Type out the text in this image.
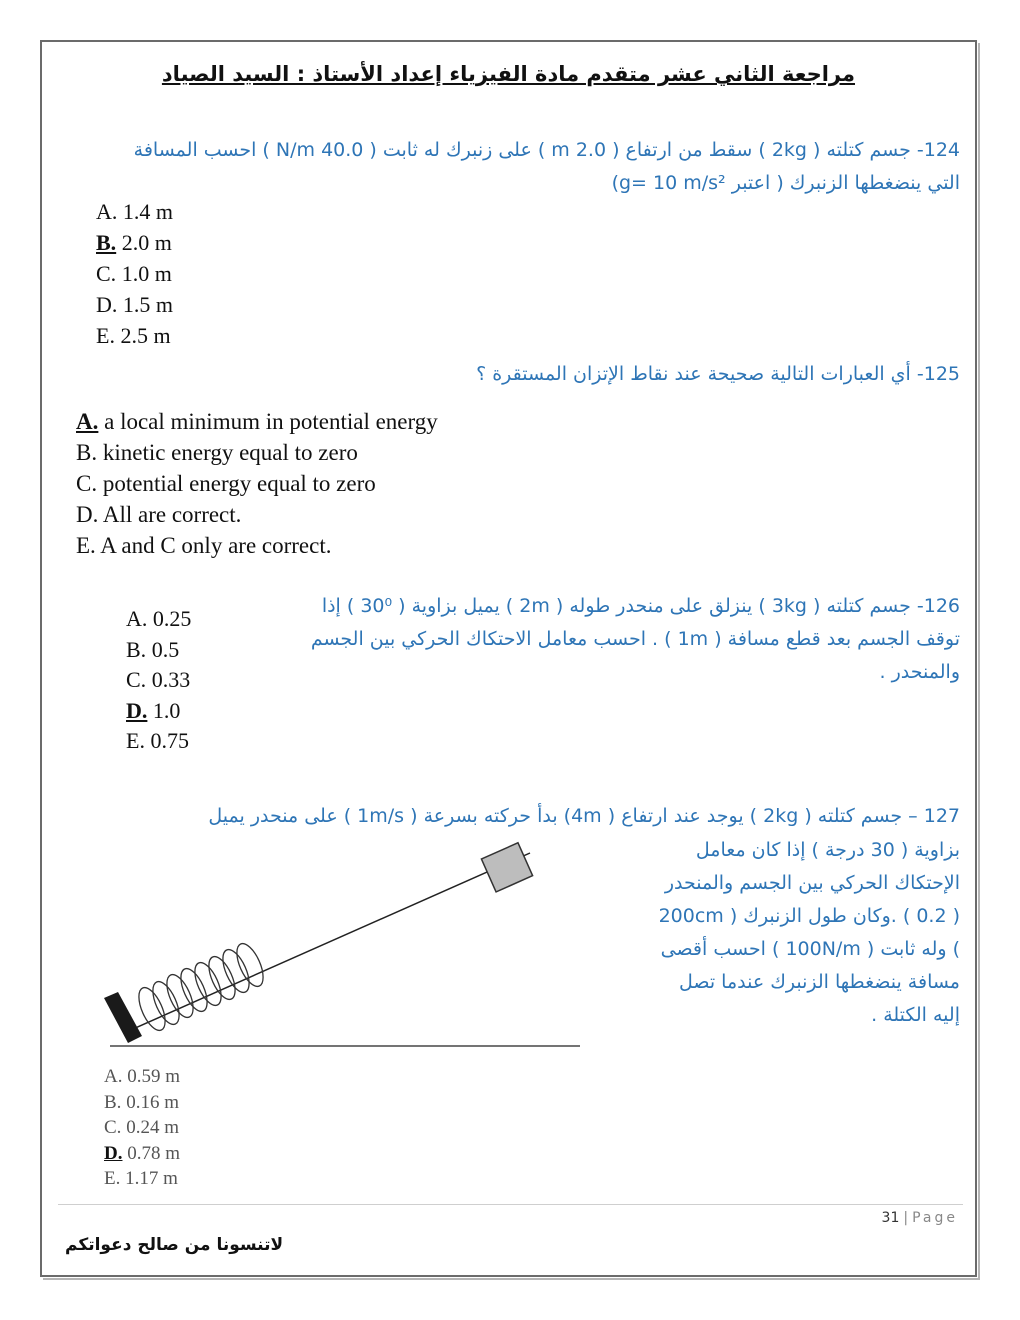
مراجعة الثاني عشر متقدم مادة الفيزياء إعداد الأستاذ : السيد الصياد
124- جسم كتلته ( 2kg ) سقط من ارتفاع ( 2.0 m ) على زنبرك له ثابت ( 40.0 N/m ) احسب المسافة
التي ينضغطها الزنبرك ( اعتبر g= 10 m/s²)
A. 1.4 m
B. 2.0 m
C. 1.0 m
D. 1.5 m
E. 2.5 m
125- أي العبارات التالية صحيحة عند نقاط الإتزان المستقرة ؟
A. a local minimum in potential energy
B. kinetic energy equal to zero
C. potential energy equal to zero
D. All are correct.
E. A and C only are correct.
126- جسم كتلته ( 3kg ) ينزلق على منحدر طوله ( 2m ) يميل بزاوية ( 30⁰ ) إذا
توقف الجسم بعد قطع مسافة ( 1m ) . احسب معامل الاحتكاك الحركي بين الجسم
والمنحدر .
A. 0.25
B. 0.5
C. 0.33
D. 1.0
E. 0.75
127 – جسم كتلته ( 2kg ) يوجد عند ارتفاع ( 4m) بدأ حركته بسرعة ( 1m/s ) على منحدر يميل
بزاوية ( 30 درجة ) إذا كان معامل
الإحتكاك الحركي بين الجسم والمنحدر
( 0.2 ) .وكان طول الزنبرك ( 200cm
) وله ثابت ( 100N/m ) احسب أقصى
مسافة ينضغطها الزنبرك عندما تصل
إليه الكتلة .
A. 0.59 m
B. 0.16 m
C. 0.24 m
D. 0.78 m
E. 1.17 m
31 | Page
لاتنسونا من صالح دعواتكم
